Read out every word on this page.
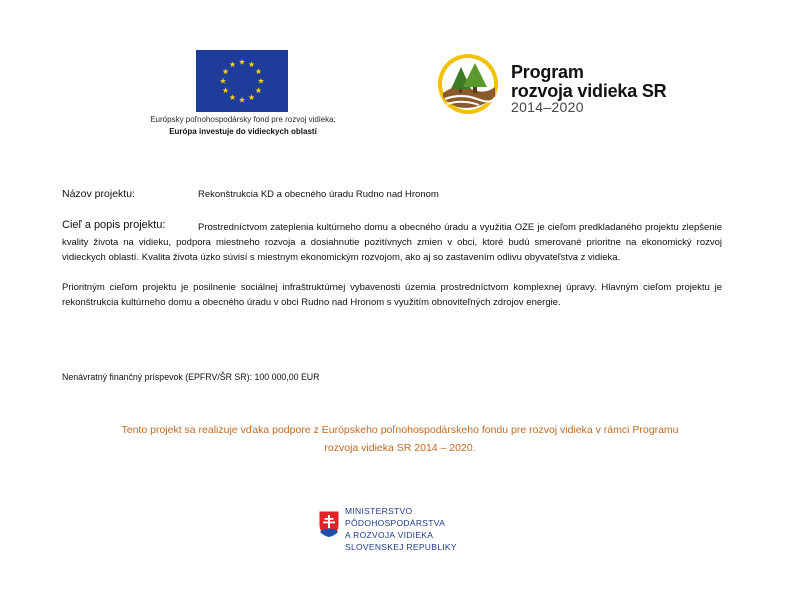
Európsky poľnohospodársky fond pre rozvoj vidieka:
Európa investuje do vidieckych oblastí
Program
rozvoja vidieka SR
2014–2020
Názov projektu:	Rekonštrukcia KD a obecného úradu Rudno nad Hronom
Cieľ a popis projektu:	Prostredníctvom zateplenia kultúrneho domu a obecného úradu a využitia OZE je cieľom predkladaného projektu zlepšenie kvality života na vidieku, podpora miestneho rozvoja a dosiahnutie pozitívnych zmien v obci, ktoré budú smerované prioritne na ekonomický rozvoj vidieckych oblastí. Kvalita života úzko súvisí s miestnym ekonomickým rozvojom, ako aj so zastavením odlivu obyvateľstva z vidieka.
Prioritným cieľom projektu je posilnenie sociálnej infraštruktúrnej vybavenosti územia prostredníctvom komplexnej úpravy. Hlavným cieľom projektu je rekonštrukcia kultúrneho domu a obecného úradu v obci Rudno nad Hronom s využitím obnoviteľných zdrojov energie.
Nenávratný finančný príspevok (EPFRV/ŠR SR): 100 000,00 EUR
Tento projekt sa realizuje vďaka podpore z Európskeho poľnohospodárskeho fondu pre rozvoj vidieka v rámci Programu
rozvoja vidieka SR 2014 – 2020.
MINISTERSTVO
PÔDOHOSPODÁRSTVA
A ROZVOJA VIDIEKA
SLOVENSKEJ REPUBLIKY
